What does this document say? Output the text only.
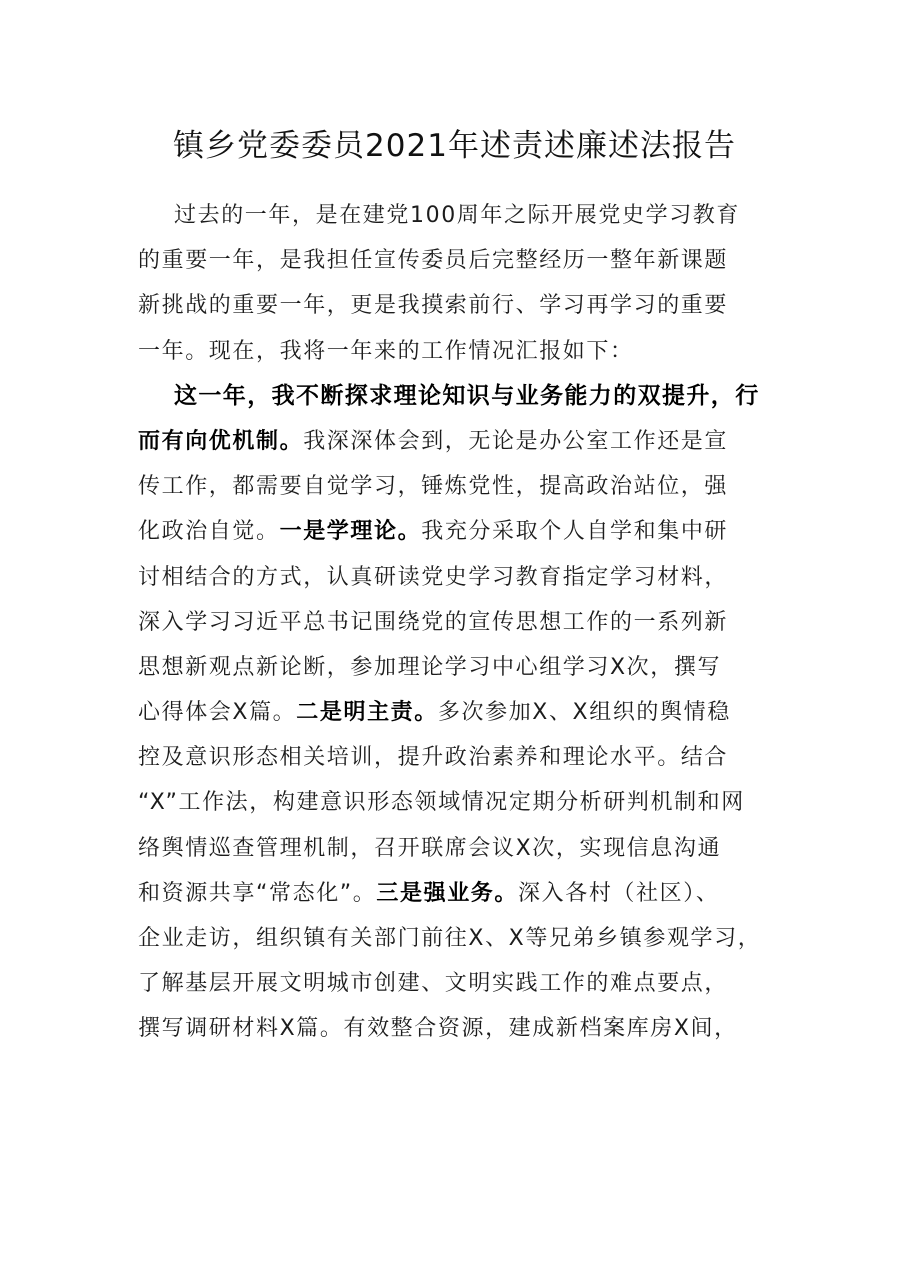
镇乡党委委员2021年述责述廉述法报告
过去的一年，是在建党100周年之际开展党史学习教育
的重要一年，是我担任宣传委员后完整经历一整年新课题
新挑战的重要一年，更是我摸索前行、学习再学习的重要
一年。现在，我将一年来的工作情况汇报如下：
这一年，我不断探求理论知识与业务能力的双提升，行
而有向优机制。我深深体会到，无论是办公室工作还是宣
传工作，都需要自觉学习，锤炼党性，提高政治站位，强
化政治自觉。一是学理论。我充分采取个人自学和集中研
讨相结合的方式，认真研读党史学习教育指定学习材料，
深入学习习近平总书记围绕党的宣传思想工作的一系列新
思想新观点新论断，参加理论学习中心组学习X次，撰写
心得体会X篇。二是明主责。多次参加X、X组织的舆情稳
控及意识形态相关培训，提升政治素养和理论水平。结合
“X”工作法，构建意识形态领域情况定期分析研判机制和网
络舆情巡查管理机制，召开联席会议X次，实现信息沟通
和资源共享“常态化”。三是强业务。深入各村（社区）、
企业走访，组织镇有关部门前往X、X等兄弟乡镇参观学习，
了解基层开展文明城市创建、文明实践工作的难点要点，
撰写调研材料X篇。有效整合资源，建成新档案库房X间，
